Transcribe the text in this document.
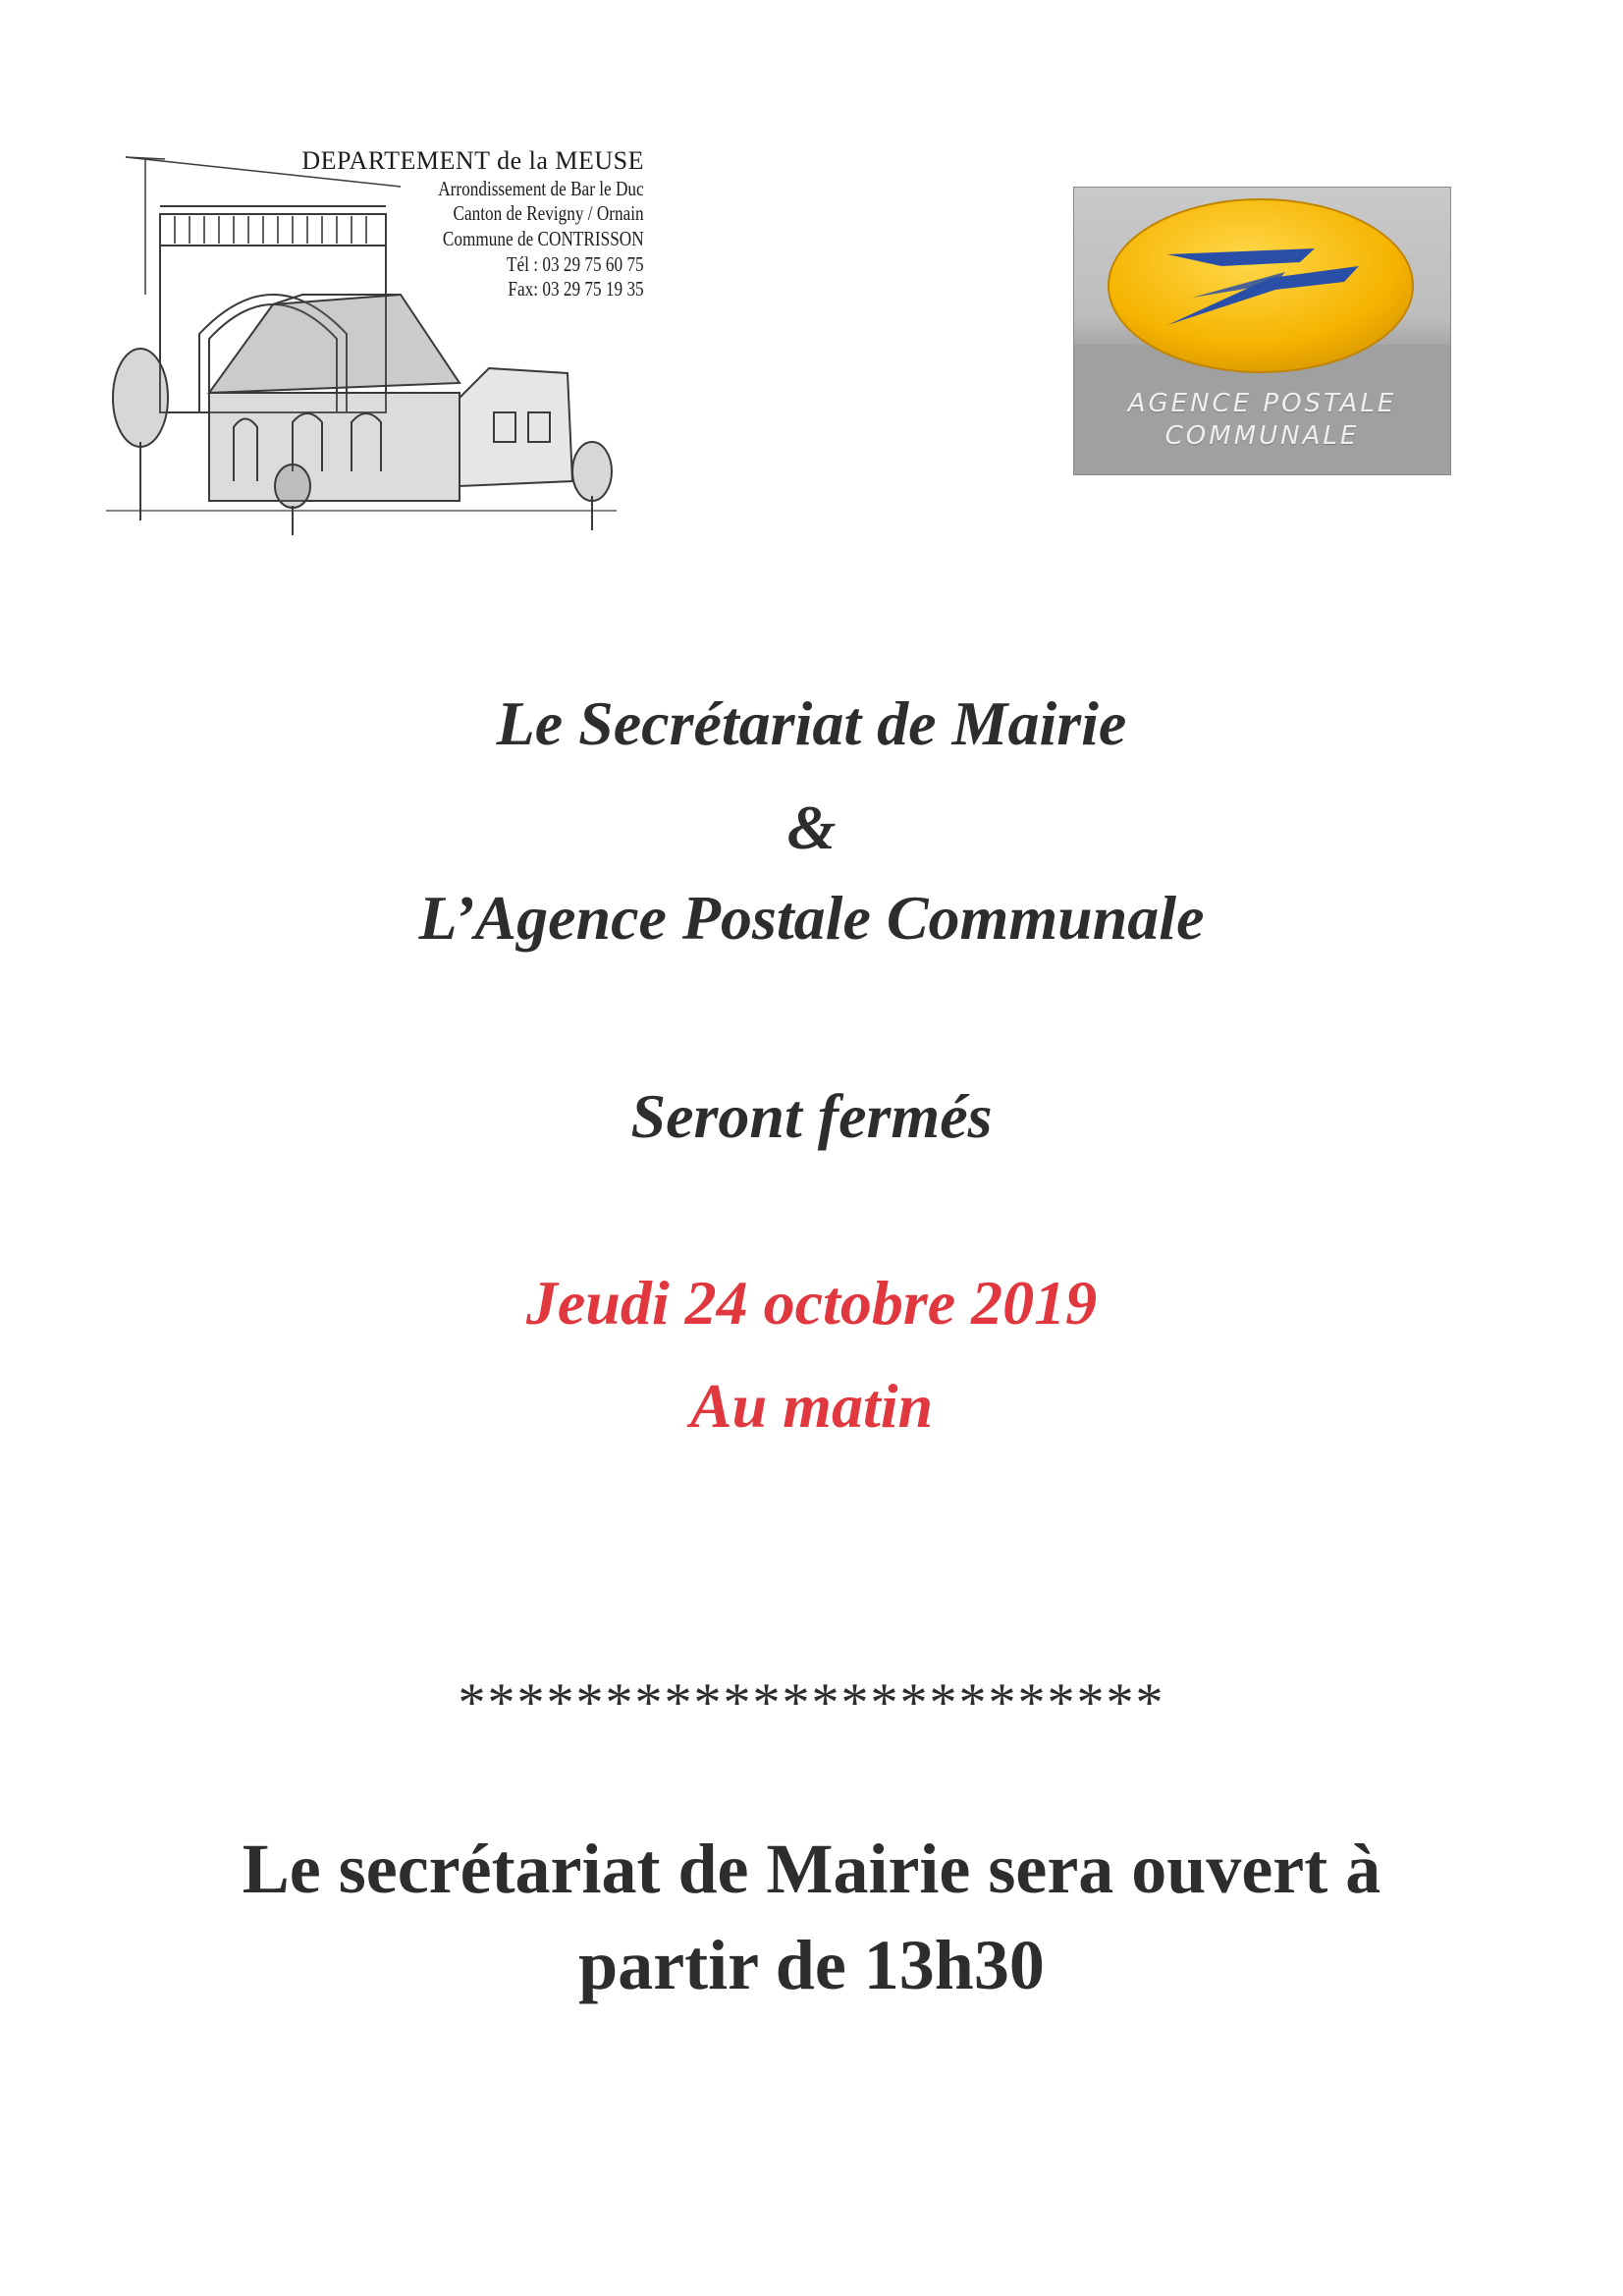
DEPARTEMENT de la MEUSE
Arrondissement de Bar le Duc
Canton de Revigny / Ornain
Commune de CONTRISSON
Tél : 03 29 75 60 75
Fax: 03 29 75 19 35
AGENCE POSTALE
COMMUNALE
Le Secrétariat de Mairie
&
L’Agence Postale Communale
Seront fermés
Jeudi 24 octobre 2019
Au matin
************************
Le secrétariat de Mairie sera ouvert à
partir de 13h30
